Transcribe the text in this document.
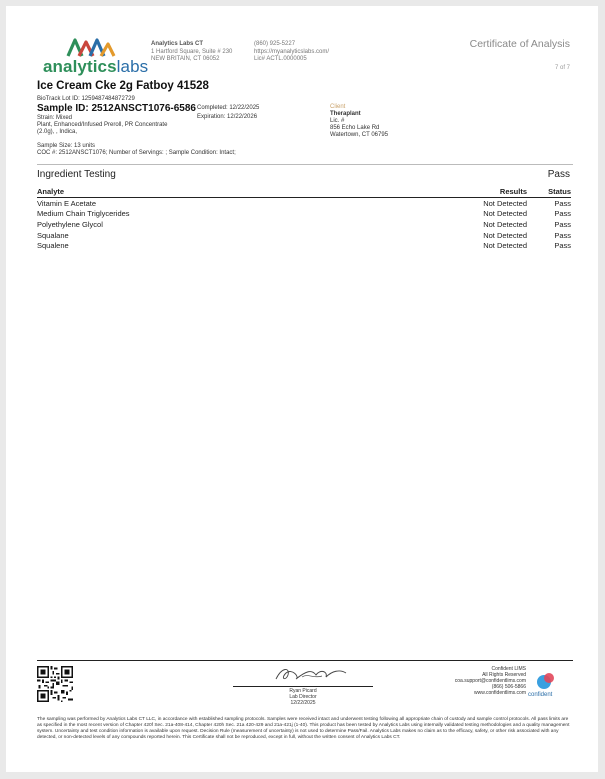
analyticslabs
Analytics Labs CT
1 Hartford Square, Suite # 230
NEW BRITAIN, CT 06052
(860) 925-5227
https://myanalyticslabs.com/
Lic# ACTL.0000005
Certificate of Analysis
7 of 7
Ice Cream Cke 2g Fatboy 41528
BioTrack Lot ID: 1259487484872729
Sample ID: 2512ANSCT1076-6586 Completed: 12/22/2025
Expiration: 12/22/2026
Strain: Mixed
Plant, Enhanced/Infused Preroll, PR Concentrate
(2.0g), , Indica,
Sample Size: 13 units
COC #: 2512ANSCT1076; Number of Servings: ; Sample Condition: Intact;
Client
Theraplant
Lic. #
856 Echo Lake Rd
Watertown, CT 06795
Ingredient Testing	Pass
Analyte	Results	Status
Vitamin E Acetate	Not Detected	Pass
Medium Chain Triglycerides	Not Detected	Pass
Polyethylene Glycol	Not Detected	Pass
Squalane	Not Detected	Pass
Squalene	Not Detected	Pass
Ryan Picard
Lab Director
12/22/2025
Confident LIMS
All Rights Reserved
coa.support@confidentlims.com
(866) 506-5866
www.confidentlims.com confident
The sampling was performed by Analytics Labs CT LLC, in accordance with established sampling protocols. Samples were received intact and underwent testing following all appropriate chain of custody and sample control protocols. All pass limits are as specified in the most recent version of Chapter 420f Sec. 21a-408-414, Chapter 420h Sec. 21a 420-429 and 21a-421j (1-40). This product has been tested by Analytics Labs using internally validated testing methodologies and a quality management system. Uncertainty and test condition information is available upon request. Decision Rule (measurement of uncertainty) is not used to determine Pass/Fail. Analytics Labs makes no claim as to the efficacy, safety, or other risk associated with any detected, or non-detected levels of any compounds reported herein. This Certificate shall not be reproduced, except in full, without the written consent of Analytics Labs CT.
